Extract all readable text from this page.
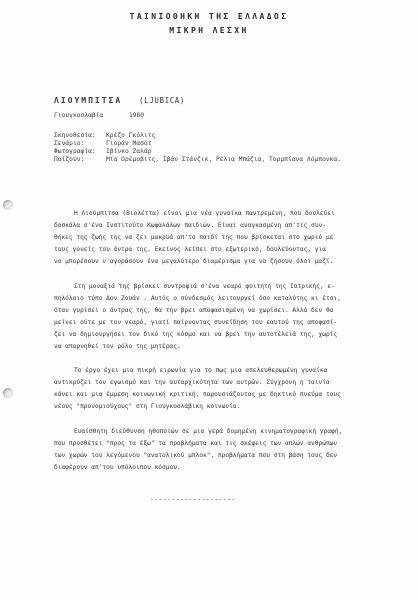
ΤΑΙΝΙΟΘΗΚΗ ΤΗΣ ΕΛΛΑΔΟΣ
ΜΙΚΡΗ ΛΕΣΧΗ
ΛΙΟΥΜΠΙΤΣΑ (LJUBICA)
Γιουγκοσλαβία	1980
Σκηνοθεσία: Κρέζο Γκόλιτς
Σενάριο:	Γιοράν Μασότ
Φωτογραφία: Ιβίνκο Ζαλάρ
Παίζουν:	Μία Ορέμοβιτς, Ιβάν Στάνζικ, Ρέλια Μπάζια, Τορμπίανα Λόμπονκα.
Η Λιούμπιτσα (Βιολέττα) είναι μια νέα γυναίκα παντρεμένη, που δουλεύει
δασκάλα σ'ένα Ινστιτούτο Κωφαλάλων παιδιών. Είναι αναγκασμένη απ'τις συν-
θήκες της ζωής της να ζει μακρυά απ'το παιδί της που βρίσκεται στο χωριό με
τους γονείς του άντρα της. Εκείνος λείπει στο εξωτερικό, δουλεύοντας, για
να μπορέσουν ν'αγοράσουν ένα μεγαλύτερο διαμέρισμα για να ζήσουν όλοι μαζί.
Στη μοναξιά της βρίσκει συντροφιά σ'ένα νεαρό φοιτητή της Ιατρικής, ε-
πηλόλαιο τύπο Δον Ζουάν . Αυτός ο σύνδεσμός λειτουργεί όσο καταλύτης κι έτσι,
όταν γυρίσει ο άντρας της, θα την βρει αποφασισμένη να χωρίσει. Αλλά δεν θα
μείνει ούτε με τον νεαρό, γιατί παίρνοντας συνείδηση του εαυτού της αποφασί-
ζει να δημιουργήσει τον δικό της κόσμο και να βρει την αυτοτέλειά της, χωρίς
να απαρνηθεί τον ρόλο της μητέρας.
Το έργο έχει μια πικρή ειρωνία για το πως μια απελευθερωμένη γυναίκα
αντικρύζει τον εγωισμό και την αυταρχικότητα των αντρών. Σύγχρονη η ταινία
κάνει και μια έμμεση κοινωνική κριτική, παρουσιάζοντας με δηκτικό πνεύμα τους
νέους "προνομιούχους" στη Γιουγκοσλάβικη κοινωνία.
Ευαίσθητη διεύθυνση ηθοποιών σε μια γερά δομημένη κινηματογραφική γραφή,
που προσθέτει "προς τα έξω" τα προβλήματα και τις σκέψεις των απλών ανθρώπων
των χωρών του λεγόμενου "ανατολικού μπλοκ", προβλήματα που στη βάση τους δεν
διαφέρουν απ'του υπόλοιπου κόσμου.
--------------------
